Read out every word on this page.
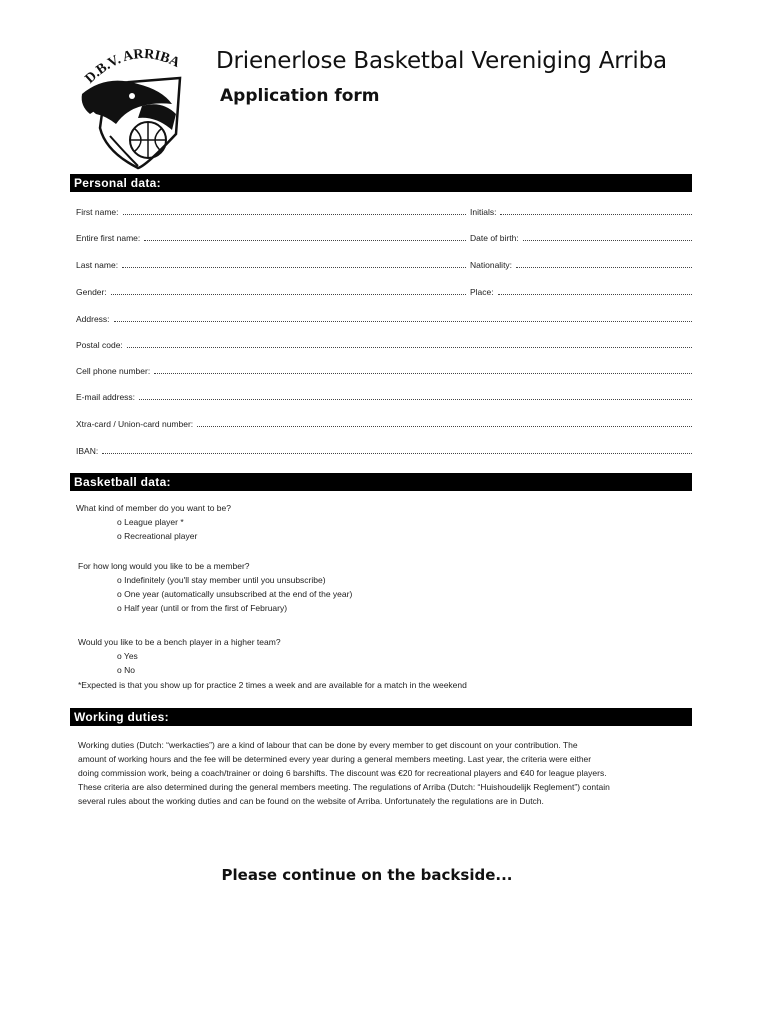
D.B.V. ARRIBA Drienerlose Basketbal Vereniging Arriba
Application form
Personal data:
First name:	Initials:
Entire first name:	Date of birth:
Last name:	Nationality:
Gender:	Place:
Address:
Postal code:
Cell phone number:
E-mail address:
Xtra-card / Union-card number:
IBAN:
Basketball data:
What kind of member do you want to be?
o League player *
o Recreational player
For how long would you like to be a member?
o Indefinitely (you'll stay member until you unsubscribe)
o One year (automatically unsubscribed at the end of the year)
o Half year (until or from the first of February)
Would you like to be a bench player in a higher team?
o Yes
o No
*Expected is that you show up for practice 2 times a week and are available for a match in the weekend
Working duties:
Working duties (Dutch: “werkacties”) are a kind of labour that can be done by every member to get discount on your contribution. The
amount of working hours and the fee will be determined every year during a general members meeting. Last year, the criteria were either
doing commission work, being a coach/trainer or doing 6 barshifts. The discount was €20 for recreational players and €40 for league players.
These criteria are also determined during the general members meeting. The regulations of Arriba (Dutch: “Huishoudelijk Reglement”) contain
several rules about the working duties and can be found on the website of Arriba. Unfortunately the regulations are in Dutch.
Please continue on the backside...
